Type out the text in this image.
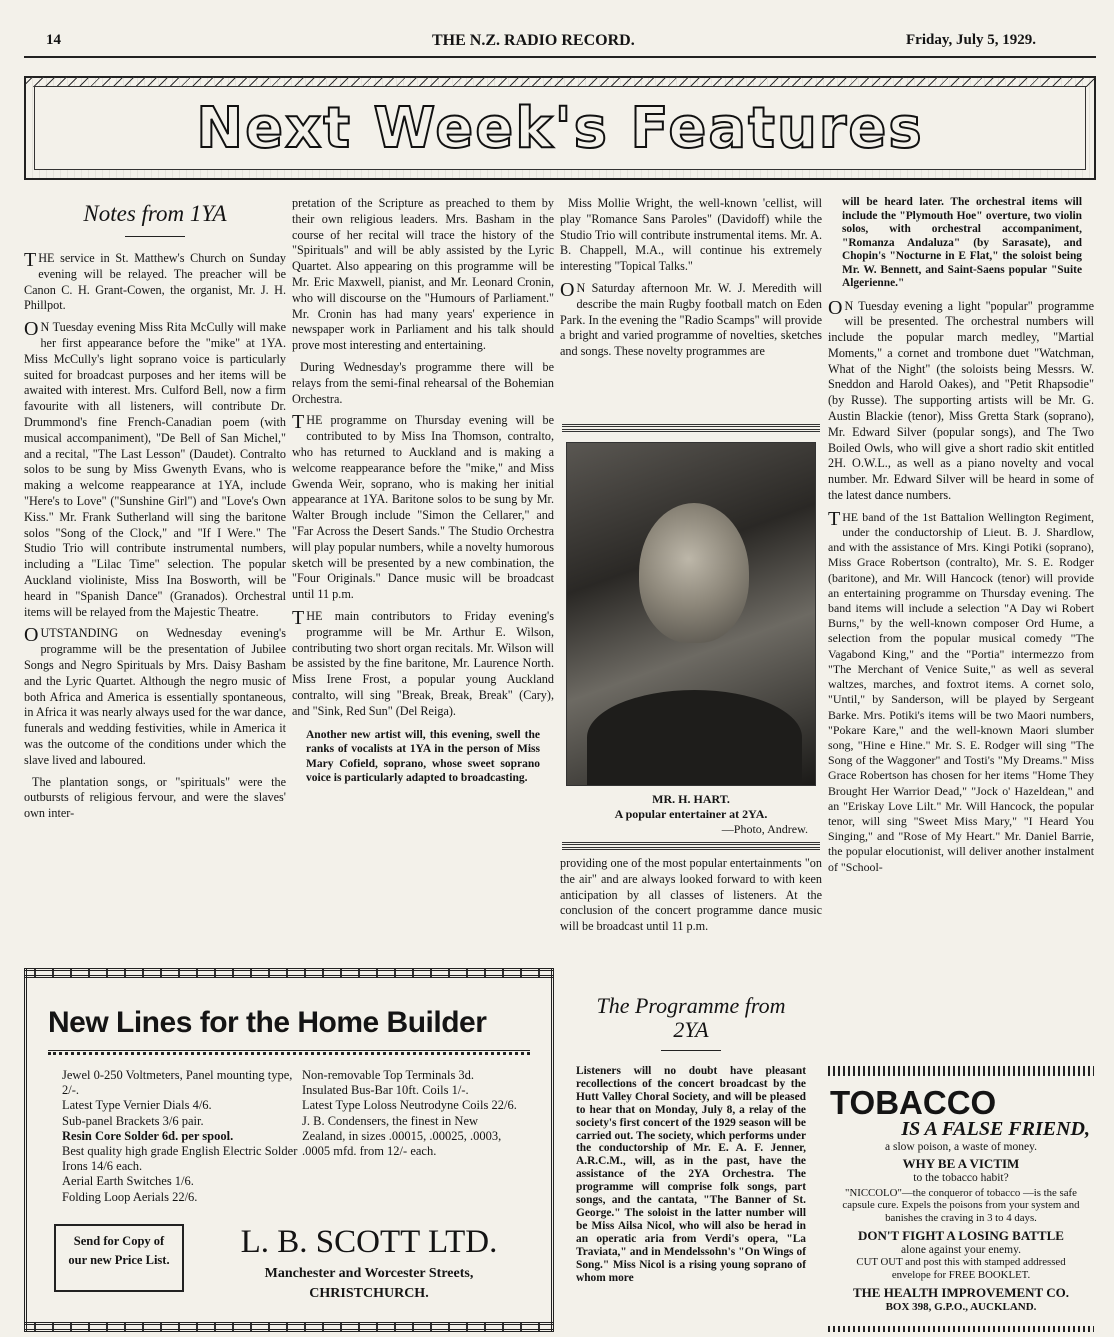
14	THE N.Z. RADIO RECORD.	Friday, July 5, 1929.
Next Week's Features
Notes from 1YA

THE service in St. Matthew's Church on Sunday evening will be relayed. The preacher will be Canon C. H. Grant-Cowen, the organist, Mr. J. H. Phillpot.

O N Tuesday evening Miss Rita McCully will make her first appearance before the "mike" at 1YA. Miss McCully's light soprano voice is particularly suited for broadcast purposes and her items will be awaited with interest. Mrs. Culford Bell, now a firm favourite with all listeners, will contribute Dr. Drummond's fine French-Canadian poem (with musical accompaniment), "De Bell of San Michel," and a recital, "The Last Lesson" (Daudet). Contralto solos to be sung by Miss Gwenyth Evans, who is making a welcome reappearance at 1YA, include "Here's to Love" ("Sunshine Girl") and "Love's Own Kiss." Mr. Frank Sutherland will sing the baritone solos "Song of the Clock," and "If I Were." The Studio Trio will contribute instrumental numbers, including a "Lilac Time" selection. The popular Auckland violiniste, Miss Ina Bosworth, will be heard in "Spanish Dance" (Granados). Orchestral items will be relayed from the Majestic Theatre.

OUTSTANDING on Wednesday evening's programme will be the presentation of Jubilee Songs and Negro Spirituals by Mrs. Daisy Basham and the Lyric Quartet. Although the negro music of both Africa and America is essentially spontaneous, in Africa it was nearly always used for the war dance, funerals and wedding festivities, while in America it was the outcome of the conditions under which the slave lived and laboured.

The plantation songs, or "spirituals" were the outbursts of religious fervour, and were the slaves' own inter-

pretation of the Scripture as preached to them by their own religious leaders. Mrs. Basham in the course of her recital will trace the history of the "Spirituals" and will be ably assisted by the Lyric Quartet. Also appearing on this programme will be Mr. Eric Maxwell, pianist, and Mr. Leonard Cronin, who will discourse on the "Humours of Parliament." Mr. Cronin has had many years' experience in newspaper work in Parliament and his talk should prove most interesting and entertaining.

During Wednesday's programme there will be relays from the semi-final rehearsal of the Bohemian Orchestra.

THE programme on Thursday evening will be contributed to by Miss Ina Thomson, contralto, who has returned to Auckland and is making a welcome reappearance before the "mike," and Miss Gwenda Weir, soprano, who is making her initial appearance at 1YA. Baritone solos to be sung by Mr. Walter Brough include "Simon the Cellarer," and "Far Across the Desert Sands." The Studio Orchestra will play popular numbers, while a novelty humorous sketch will be presented by a new combination, the "Four Originals." Dance music will be broadcast until 11 p.m.

THE main contributors to Friday evening's programme will be Mr. Arthur E. Wilson, contributing two short organ recitals. Mr. Wilson will be assisted by the fine baritone, Mr. Laurence North. Miss Irene Frost, a popular young Auckland contralto, will sing "Break, Break, Break" (Cary), and "Sink, Red Sun" (Del Reiga).

Another new artist will, this evening, swell the ranks of vocalists at 1YA in the person of Miss Mary Cofield, soprano, whose sweet soprano voice is particularly adapted to broadcasting.

Miss Mollie Wright, the well-known 'cellist, will play "Romance Sans Paroles" (Davidoff) while the Studio Trio will contribute instrumental items. Mr. A. B. Chappell, M.A., will continue his extremely interesting "Topical Talks."

O N Saturday afternoon Mr. W. J. Meredith will describe the main Rugby football match on Eden Park. In the evening the "Radio Scamps" will provide a bright and varied programme of novelties, sketches and songs. These novelty programmes are

MR. H. HART.
A popular entertainer at 2YA.
—Photo, Andrew.

providing one of the most popular entertainments "on the air" and are always looked forward to with keen anticipation by all classes of listeners. At the conclusion of the concert programme dance music will be broadcast until 11 p.m.

The Programme from 2YA

Listeners will no doubt have pleasant recollections of the concert broadcast by the Hutt Valley Choral Society, and will be pleased to hear that on Monday, July 8, a relay of the society's first concert of the 1929 season will be carried out. The society, which performs under the conductorship of Mr. E. A. F. Jenner, A.R.C.M., will, as in the past, have the assistance of the 2YA Orchestra. The programme will comprise folk songs, part songs, and the cantata, "The Banner of St. George." The soloist in the latter number will be Miss Ailsa Nicol, who will also be herad in an operatic aria from Verdi's opera, "La Traviata," and in Mendelssohn's "On Wings of Song." Miss Nicol is a rising young soprano of whom more

will be heard later. The orchestral items will include the "Plymouth Hoe" overture, two violin solos, with orchestral accompaniment, "Romanza Andaluza" (by Sarasate), and Chopin's "Nocturne in E Flat," the soloist being Mr. W. Bennett, and Saint-Saens popular "Suite Algerienne."

O N Tuesday evening a light "popular" programme will be presented. The orchestral numbers will include the popular march medley, "Martial Moments," a cornet and trombone duet "Watchman, What of the Night" (the soloists being Messrs. W. Sneddon and Harold Oakes), and "Petit Rhapsodie" (by Russe). The supporting artists will be Mr. G. Austin Blackie (tenor), Miss Gretta Stark (soprano), Mr. Edward Silver (popular songs), and The Two Boiled Owls, who will give a short radio skit entitled 2H. O.W.L., as well as a piano novelty and vocal number. Mr. Edward Silver will be heard in some of the latest dance numbers.

THE band of the 1st Battalion Wellington Regiment, under the conductorship of Lieut. B. J. Shardlow, and with the assistance of Mrs. Kingi Potiki (soprano), Miss Grace Robertson (contralto), Mr. S. E. Rodger (baritone), and Mr. Will Hancock (tenor) will provide an entertaining programme on Thursday evening. The band items will include a selection "A Day wi Robert Burns," by the well-known composer Ord Hume, a selection from the popular musical comedy "The Vagabond King," and the "Portia" intermezzo from "The Merchant of Venice Suite," as well as several waltzes, marches, and foxtrot items. A cornet solo, "Until," by Sanderson, will be played by Sergeant Barke. Mrs. Potiki's items will be two Maori numbers, "Pokare Kare," and the well-known Maori slumber song, "Hine e Hine." Mr. S. E. Rodger will sing "The Song of the Waggoner" and Tosti's "My Dreams." Miss Grace Robertson has chosen for her items "Home They Brought Her Warrior Dead," "Jock o' Hazeldean," and an "Eriskay Love Lilt." Mr. Will Hancock, the popular tenor, will sing "Sweet Miss Mary," "I Heard You Singing," and "Rose of My Heart." Mr. Daniel Barrie, the popular elocutionist, will deliver another instalment of "School-

New Lines for the Home Builder
Jewel 0-250 Voltmeters, Panel mounting type, 2/-.
Latest Type Vernier Dials 4/6.
Sub-panel Brackets 3/6 pair.
Resin Core Solder 6d. per spool.
Best quality high grade English Electric Solder Irons 14/6 each.
Aerial Earth Switches 1/6.
Folding Loop Aerials 22/6.
Non-removable Top Terminals 3d.
Insulated Bus-Bar 10ft. Coils 1/-.
Latest Type Loloss Neutrodyne Coils 22/6.
J. B. Condensers, the finest in New Zealand, in sizes .00015, .00025, .0003, .0005 mfd. from 12/- each.
Send for Copy of our new Price List.	L. B. SCOTT LTD.
Manchester and Worcester Streets,
CHRISTCHURCH.
TOBACCO
IS A FALSE FRIEND,
a slow poison, a waste of money.
WHY BE A VICTIM
to the tobacco habit?
"NICCOLO"—the conqueror of tobacco —is the safe capsule cure. Expels the poisons from your system and banishes the craving in 3 to 4 days.
DON'T FIGHT A LOSING BATTLE
alone against your enemy.
CUT OUT and post this with stamped addressed envelope for FREE BOOKLET.
THE HEALTH IMPROVEMENT CO.
BOX 398, G.P.O., AUCKLAND.
